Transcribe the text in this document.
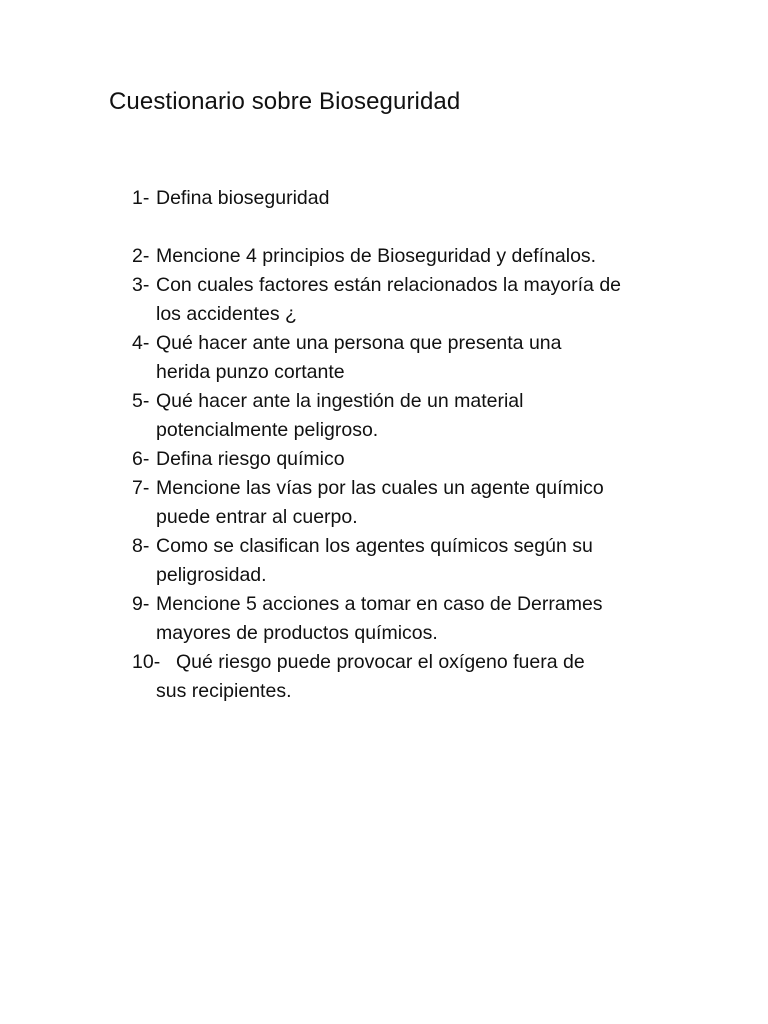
Cuestionario sobre Bioseguridad
1- Defina bioseguridad
2- Mencione 4 principios de Bioseguridad y defínalos.
3- Con cuales factores están relacionados la mayoría de
los accidentes ¿
4- Qué hacer ante una persona que presenta una
herida punzo cortante
5- Qué hacer ante la ingestión de un material
potencialmente peligroso.
6- Defina riesgo químico
7- Mencione las vías por las cuales un agente químico
puede entrar al cuerpo.
8- Como se clasifican los agentes químicos según su
peligrosidad.
9- Mencione 5 acciones a tomar en caso de Derrames
mayores de productos químicos.
10- Qué riesgo puede provocar el oxígeno fuera de
sus recipientes.
